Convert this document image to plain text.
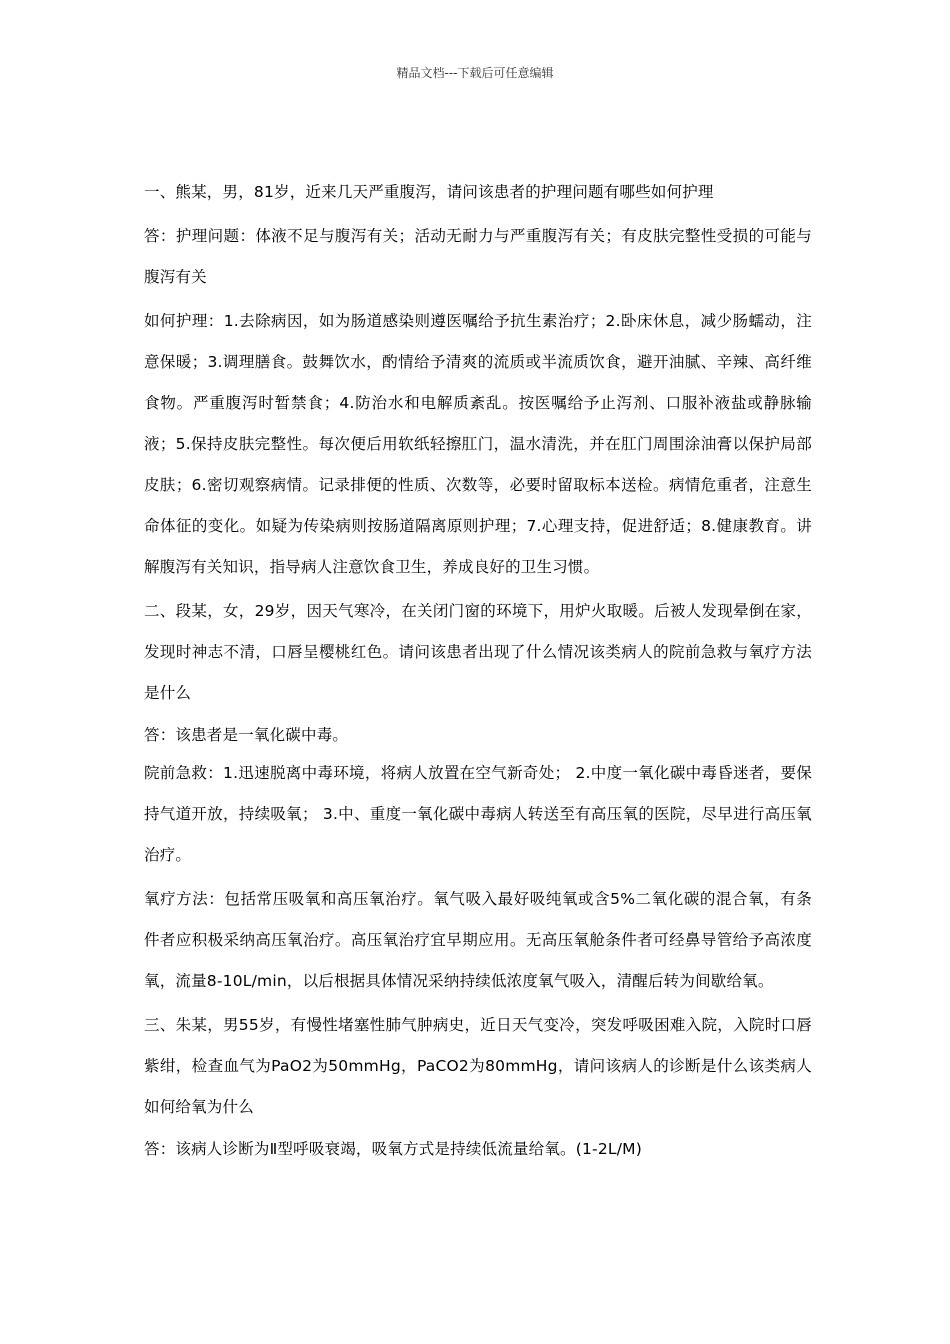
精品文档---下载后可任意编辑

一、熊某，男，81岁，近来几天严重腹泻，请问该患者的护理问题有哪些如何护理

答：护理问题：体液不足与腹泻有关；活动无耐力与严重腹泻有关；有皮肤完整性受损的可能与腹泻有关

如何护理：1.去除病因，如为肠道感染则遵医嘱给予抗生素治疗；2.卧床休息，减少肠蠕动，注意保暖；3.调理膳食。鼓舞饮水，酌情给予清爽的流质或半流质饮食，避开油腻、辛辣、高纤维食物。严重腹泻时暂禁食；4.防治水和电解质紊乱。按医嘱给予止泻剂、口服补液盐或静脉输液；5.保持皮肤完整性。每次便后用软纸轻擦肛门，温水清洗，并在肛门周围涂油膏以保护局部皮肤；6.密切观察病情。记录排便的性质、次数等，必要时留取标本送检。病情危重者，注意生命体征的变化。如疑为传染病则按肠道隔离原则护理；7.心理支持，促进舒适；8.健康教育。讲解腹泻有关知识，指导病人注意饮食卫生，养成良好的卫生习惯。

二、段某，女，29岁，因天气寒冷，在关闭门窗的环境下，用炉火取暖。后被人发现晕倒在家，发现时神志不清，口唇呈樱桃红色。请问该患者出现了什么情况该类病人的院前急救与氧疗方法是什么

答：该患者是一氧化碳中毒。

院前急救：1.迅速脱离中毒环境，将病人放置在空气新奇处； 2.中度一氧化碳中毒昏迷者，要保持气道开放，持续吸氧； 3.中、重度一氧化碳中毒病人转送至有高压氧的医院，尽早进行高压氧治疗。

氧疗方法：包括常压吸氧和高压氧治疗。氧气吸入最好吸纯氧或含5%二氧化碳的混合氧，有条件者应积极采纳高压氧治疗。高压氧治疗宜早期应用。无高压氧舱条件者可经鼻导管给予高浓度氧，流量8-10L/min，以后根据具体情况采纳持续低浓度氧气吸入，清醒后转为间歇给氧。

三、朱某，男55岁，有慢性堵塞性肺气肿病史，近日天气变冷，突发呼吸困难入院，入院时口唇紫绀，检查血气为PaO2为50mmHg，PaCO2为80mmHg，请问该病人的诊断是什么该类病人如何给氧为什么

答：该病人诊断为Ⅱ型呼吸衰竭，吸氧方式是持续低流量给氧。(1-2L/M)
